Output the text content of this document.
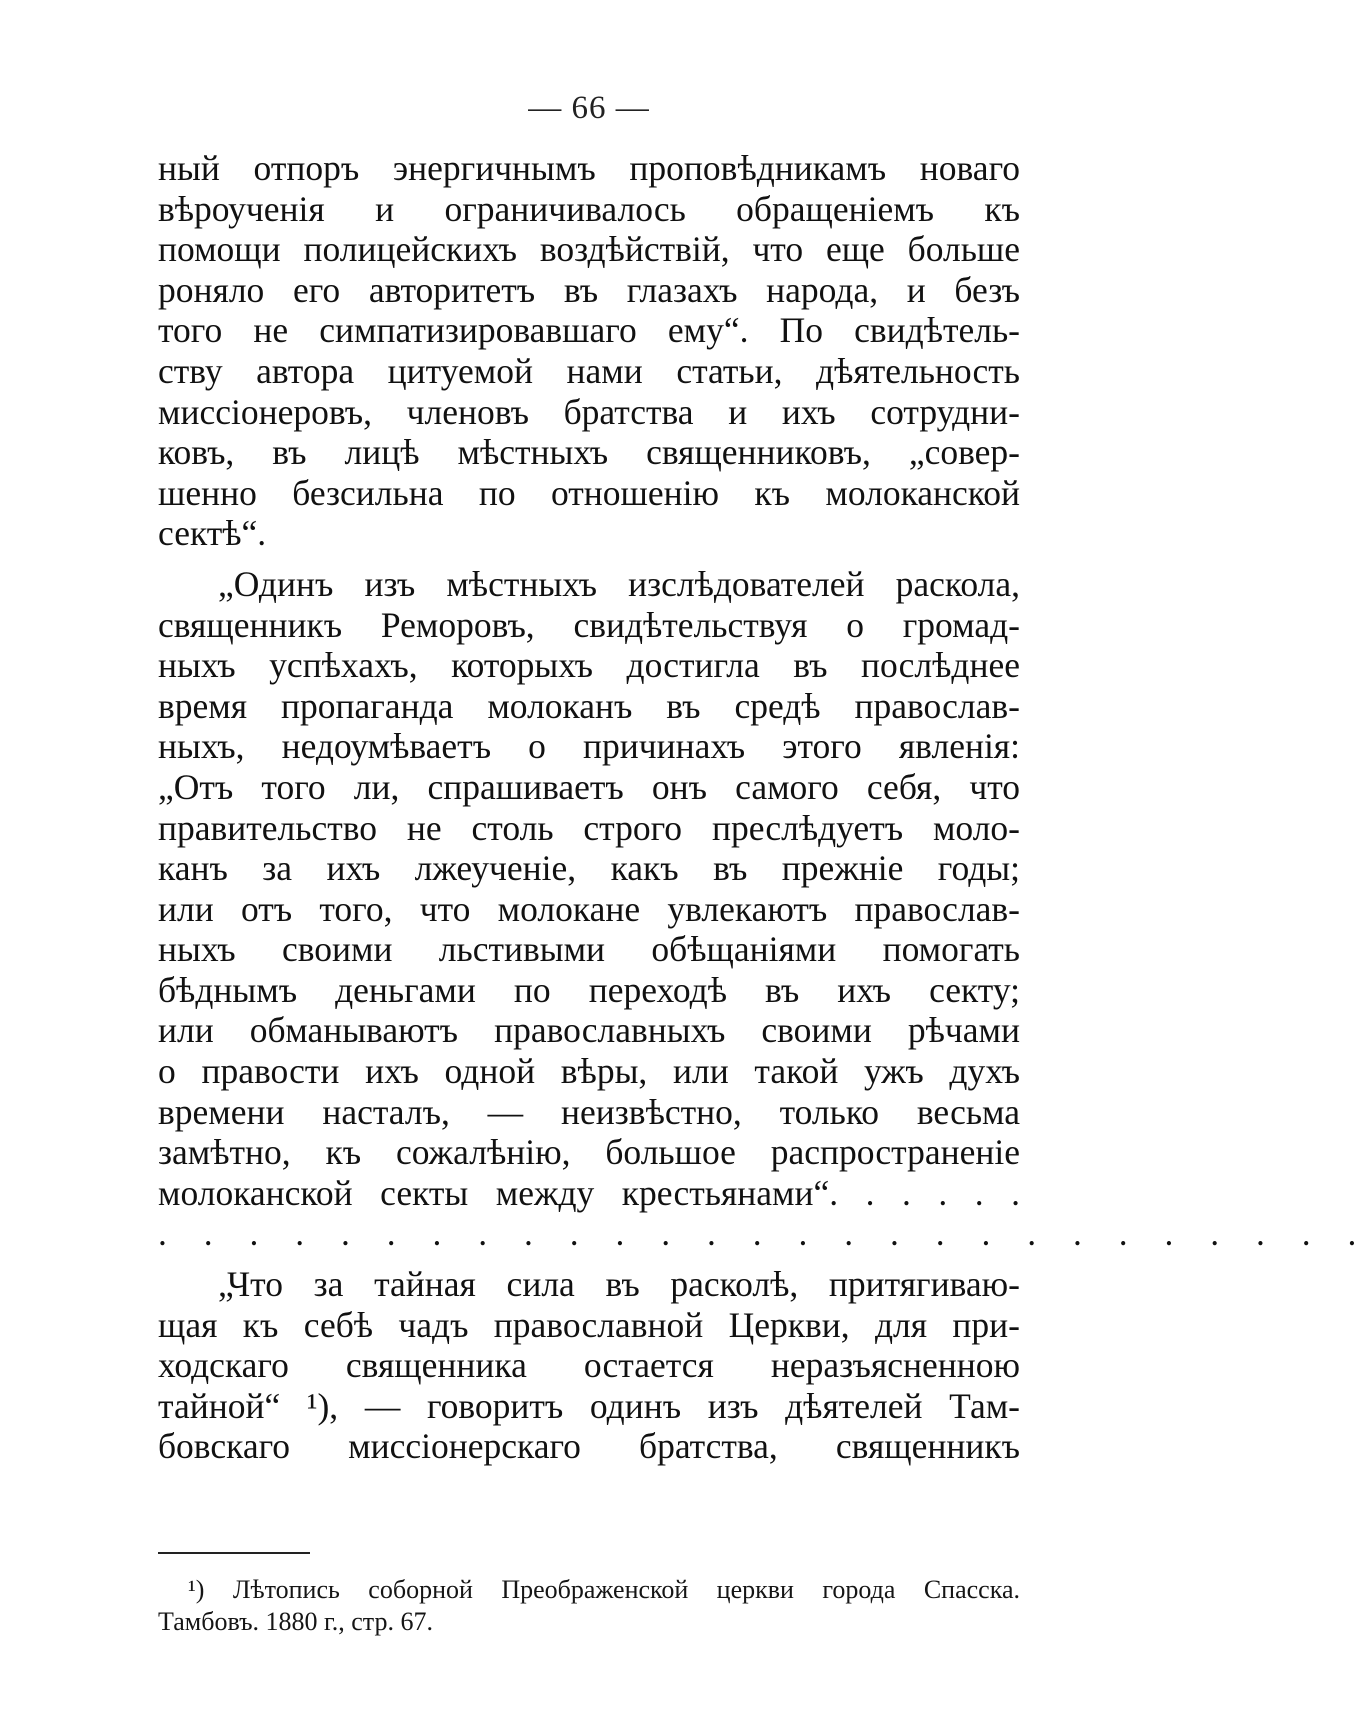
— 66 —
ный отпоръ энергичнымъ проповѣдникамъ новаго
вѣроученія и ограничивалось обращеніемъ къ
помощи полицейскихъ воздѣйствій, что еще больше
роняло его авторитетъ въ глазахъ народа, и безъ
того не симпатизировавшаго ему“. По свидѣтель-
ству автора цитуемой нами статьи, дѣятельность
миссіонеровъ, членовъ братства и ихъ сотрудни-
ковъ, въ лицѣ мѣстныхъ священниковъ, „совер-
шенно безсильна по отношенію къ молоканской
сектѣ“.
„Одинъ изъ мѣстныхъ изслѣдователей раскола,
священникъ Реморовъ, свидѣтельствуя о громад-
ныхъ успѣхахъ, которыхъ достигла въ послѣднее
время пропаганда молоканъ въ средѣ православ-
ныхъ, недоумѣваетъ о причинахъ этого явленія:
„Отъ того ли, спрашиваетъ онъ самого себя, что
правительство не столь строго преслѣдуетъ моло-
канъ за ихъ лжеученіе, какъ въ прежніе годы;
или отъ того, что молокане увлекаютъ православ-
ныхъ своими льстивыми обѣщаніями помогать
бѣднымъ деньгами по переходѣ въ ихъ секту;
или обманываютъ православныхъ своими рѣчами
о правости ихъ одной вѣры, или такой ужъ духъ
времени насталъ, — неизвѣстно, только весьма
замѣтно, къ сожалѣнію, большое распространеніе
молоканской секты между крестьянами“. . . . . .
. . . . . . . . . . . . . . . . . . . . . . . . . . .
„Что за тайная сила въ расколѣ, притягиваю-
щая къ себѣ чадъ православной Церкви, для при-
ходскаго священника остается неразъясненною
тайной“ ¹), — говоритъ одинъ изъ дѣятелей Там-
бовскаго миссіонерскаго братства, священникъ
¹) Лѣтопись соборной Преображенской церкви города Спасска.
Тамбовъ. 1880 г., стр. 67.
